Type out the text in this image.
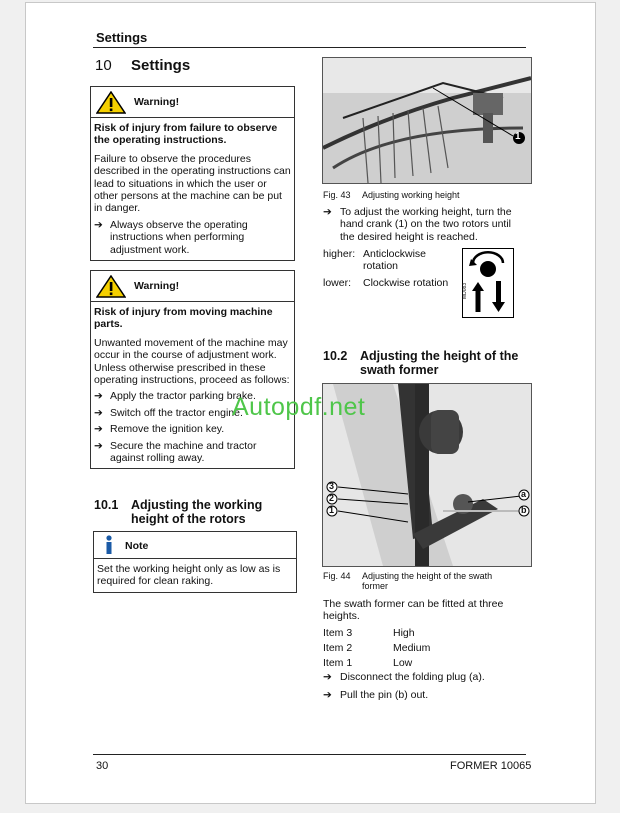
Settings
10 Settings
Warning!
Risk of injury from failure to observe the operating instructions.
Failure to observe the procedures described in the operating instructions can lead to situations in which the user or other persons at the machine can be put in danger.
➔ Always observe the operating instructions when performing adjustment work.
Warning!
Risk of injury from moving machine parts.
Unwanted movement of the machine may occur in the course of adjustment work. Unless otherwise prescribed in these operating instructions, proceed as follows:
➔ Apply the tractor parking brake.
➔ Switch off the tractor engine.
➔ Remove the ignition key.
➔ Secure the machine and tractor against rolling away.
10.1 Adjusting the working height of the rotors
Note
Set the working height only as low as is required for clean raking.
1
Fig. 43 Adjusting working height
➔ To adjust the working height, turn the hand crank (1) on the two rotors until the desired height is reached.
higher: Anticlockwise rotation
lower: Clockwise rotation	MD083
10.2 Adjusting the height of the swath former
3
2
1
a
b
Fig. 44 Adjusting the height of the swath former
The swath former can be fitted at three heights.
Item 3	High
Item 2	Medium
Item 1	Low
➔ Disconnect the folding plug (a).
➔ Pull the pin (b) out.
Autopdf.net
30	FORMER 10065
